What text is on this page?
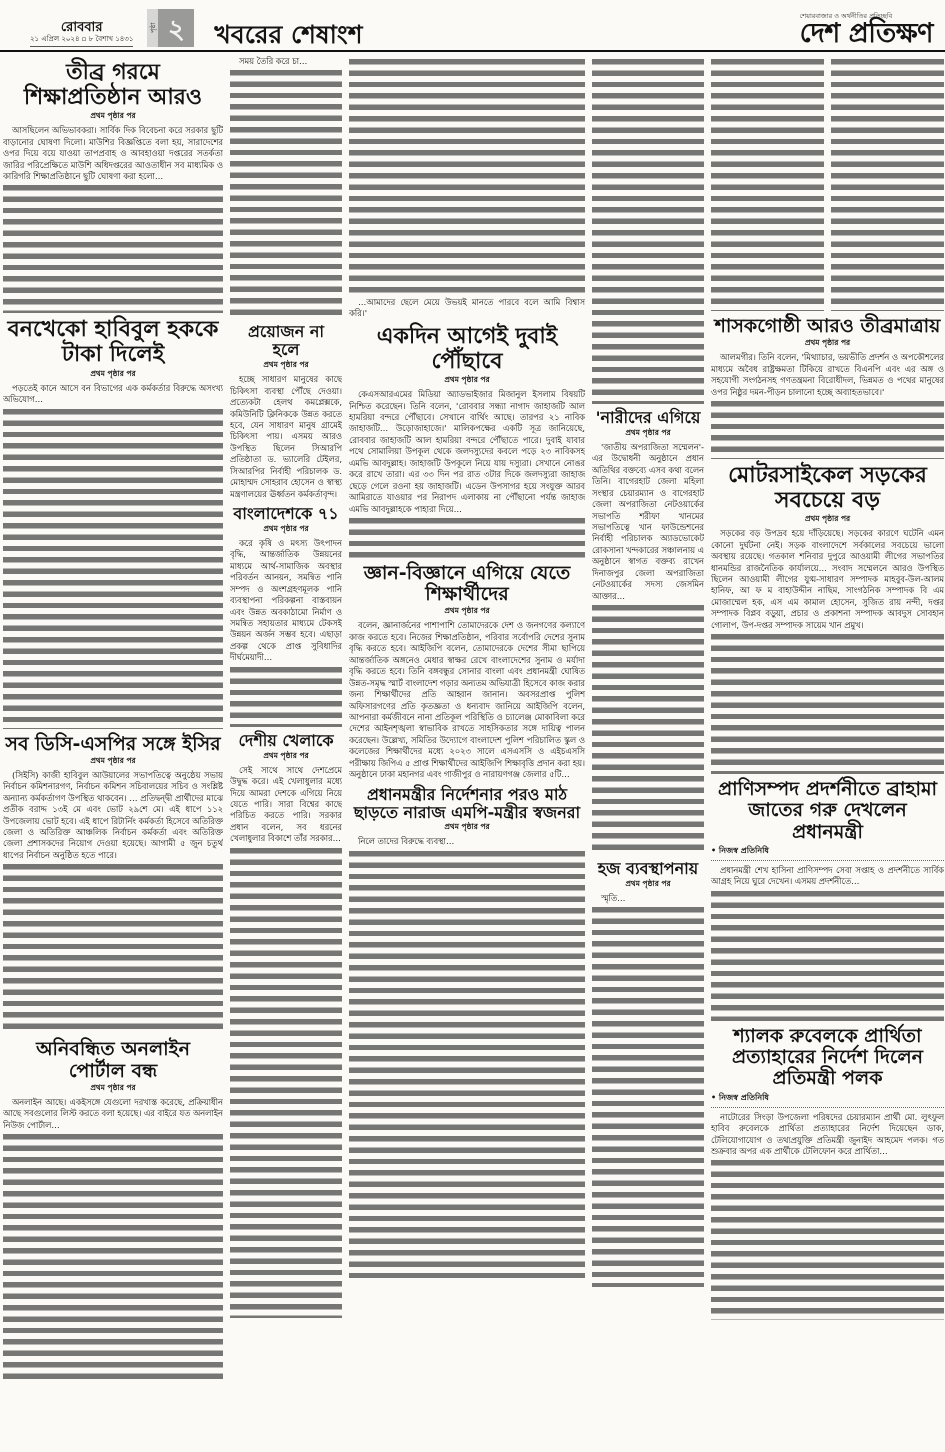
রোববার
২১ এপ্রিল ২০২৪ ▫ ৮ বৈশাখ ১৪৩১
পৃষ্ঠা ২	খবরের শেষাংশ
শেয়ারবাজার ও অর্থনীতির প্রতিচ্ছবি
দেশ প্রতিক্ষণ
তীব্র গরমে শিক্ষাপ্রতিষ্ঠান আরও
প্রথম পৃষ্ঠার পর
আসছিলেন অভিভাবকরা। সার্বিক দিক বিবেচনা করে সরকার ছুটি বাড়ানোর ঘোষণা দিলো। মাউশির বিজ্ঞপ্তিতে বলা হয়, সারাদেশের ওপর দিয়ে বয়ে যাওয়া তাপপ্রবাহ ও আবহাওয়া দপ্তরের সতর্কতা জারির পরিপ্রেক্ষিতে মাউশি অধিদপ্তরের আওতাধীন সব মাধ্যমিক ও কারিগরি শিক্ষাপ্রতিষ্ঠানে ছুটি ঘোষণা করা হলো…
বনখেকো হাবিবুল হককে টাকা দিলেই
প্রথম পৃষ্ঠার পর
পড়তেই কানে আসে বন বিভাগের এক কর্মকর্তার বিরুদ্ধে অসংখ্য অভিযোগ…
সব ডিসি-এসপির সঙ্গে ইসির
প্রথম পৃষ্ঠার পর
(সিইসি) কাজী হাবিবুল আউয়ালের সভাপতিত্বে অনুষ্ঠেয় সভায় নির্বাচন কমিশনারগণ, নির্বাচন কমিশন সচিবালয়ের সচিব ও সংশ্লিষ্ট অন্যান্য কর্মকর্তাগণ উপস্থিত থাকবেন। … প্রতিদ্বন্দ্বী প্রার্থীদের মাঝে প্রতীক বরাদ্দ ১৩ই মে এবং ভোট ২৯শে মে। এই ধাপে ১১২ উপজেলায় ভোট হবে। এই ধাপে রিটার্নিং কর্মকর্তা হিসেবে অতিরিক্ত জেলা ও অতিরিক্ত আঞ্চলিক নির্বাচন কর্মকর্তা এবং অতিরিক্ত জেলা প্রশাসকদের নিয়োগ দেওয়া হয়েছে। আগামী ৫ জুন চতুর্থ ধাপের নির্বাচন অনুষ্ঠিত হতে পারে।
অনিবন্ধিত অনলাইন পোর্টাল বন্ধ
প্রথম পৃষ্ঠার পর
অনলাইন আছে। একইসঙ্গে যেগুলো দরখাস্ত করেছে, প্রক্রিয়াধীন আছে সবগুলোর লিস্ট করতে বলা হয়েছে। এর বাইরে যত অনলাইন নিউজ পোর্টাল…
সময় তৈরি করে চা…
প্রয়োজন না হলে
প্রথম পৃষ্ঠার পর
হচ্ছে সাধারণ মানুষের কাছে চিকিৎসা ব্যবস্থা পৌঁছে দেওয়া। প্রত্যেকটা হেলথ কমপ্লেক্সকে, কমিউনিটি ক্লিনিককে উন্নত করতে হবে, যেন সাধারণ মানুষ গ্রামেই চিকিৎসা পায়। এসময় আরও উপস্থিত ছিলেন সিআরপি প্রতিষ্ঠাতা ড. ভ্যালেরি টেইলর, সিআরপির নির্বাহী পরিচালক ড. মোহাম্মদ সোহরাব হোসেন ও স্বাস্থ্য মন্ত্রণালয়ের ঊর্ধ্বতন কর্মকর্তাবৃন্দ।
বাংলাদেশকে ৭১
প্রথম পৃষ্ঠার পর
করে কৃষি ও মৎস্য উৎপাদন বৃদ্ধি, আন্তর্জাতিক উন্নয়নের মাধ্যমে আর্থ-সামাজিক অবস্থার পরিবর্তন আনয়ন, সমন্বিত পানি সম্পদ ও অংশগ্রহণমূলক পানি ব্যবস্থাপনা পরিকল্পনা বাস্তবায়ন এবং উন্নত অবকাঠামো নির্মাণ ও সমন্বিত সহায়তার মাধ্যমে টেকসই উন্নয়ন অর্জন সম্ভব হবে। এছাড়া প্রকল্প থেকে প্রাপ্ত সুবিধাদির দীর্ঘমেয়াদী…
দেশীয় খেলাকে
প্রথম পৃষ্ঠার পর
সেই সাথে সাথে দেশপ্রেমে উদ্বুদ্ধ করে। এই খেলাধুলার মধ্যে দিয়ে আমরা দেশকে এগিয়ে নিয়ে যেতে পারি। সারা বিশ্বের কাছে পরিচিত করতে পারি। সরকার প্রধান বলেন, সব ধরনের খেলাধুলার বিকাশে তাঁর সরকার…
…আমাদের ছেলে মেয়ে উভয়ই মানতে পারবে বলে আমি বিশ্বাস করি।'
একদিন আগেই দুবাই পৌঁছাবে
প্রথম পৃষ্ঠার পর
কেএসআরএমের মিডিয়া অ্যাডভাইজার মিজানুল ইসলাম বিষয়টি নিশ্চিত করেছেন। তিনি বলেন, 'রোববার সন্ধ্যা নাগাদ জাহাজটি আল হামরিয়া বন্দরে পৌঁছাবে। সেখানে বার্থিং আছে। তারপর ২১ নাবিক জাহাজটি… উড়োজাহাজে।' মালিকপক্ষের একটি সূত্র জানিয়েছে, রোববার জাহাজটি আল হামরিয়া বন্দরে পৌঁছাতে পারে। দুবাই যাবার পথে সোমালিয়া উপকূল থেকে জলদস্যুদের কবলে পড়ে ২৩ নাবিকসহ এমভি আবদুল্লাহ। জাহাজটি উপকূলে নিয়ে যায় দস্যুরা। সেখানে নোঙর করে রাখে তারা। এর ৩৩ দিন পর রাত ৩টার দিকে জলদস্যুরা জাহাজ ছেড়ে গেলে রওনা হয় জাহাজটি। এডেন উপসাগর হয়ে সংযুক্ত আরব আমিরাতে যাওয়ার পর নিরাপদ এলাকায় না পৌঁছানো পর্যন্ত জাহাজ এমভি আবদুল্লাহকে পাহারা দিয়ে…
জ্ঞান-বিজ্ঞানে এগিয়ে যেতে শিক্ষার্থীদের
প্রথম পৃষ্ঠার পর
বলেন, জ্ঞানার্জনের পাশাপাশি তোমাদেরকে দেশ ও জনগণের কল্যাণে কাজ করতে হবে। নিজের শিক্ষাপ্রতিষ্ঠান, পরিবার সর্বোপরি দেশের সুনাম বৃদ্ধি করতে হবে। আইজিপি বলেন, তোমাদেরকে দেশের সীমা ছাপিয়ে আন্তর্জাতিক অঙ্গনেও মেধার স্বাক্ষর রেখে বাংলাদেশের সুনাম ও মর্যাদা বৃদ্ধি করতে হবে। তিনি বঙ্গবন্ধুর সোনার বাংলা এবং প্রধানমন্ত্রী ঘোষিত উন্নত-সমৃদ্ধ স্মার্ট বাংলাদেশ গড়ার অন্যতম অভিযাত্রী হিসেবে কাজ করার জন্য শিক্ষার্থীদের প্রতি আহ্বান জানান। অবসরপ্রাপ্ত পুলিশ অফিসারগণের প্রতি কৃতজ্ঞতা ও ধন্যবাদ জানিয়ে আইজিপি বলেন, আপনারা কর্মজীবনে নানা প্রতিকূল পরিস্থিতি ও চ্যালেঞ্জ মোকাবিলা করে দেশের আইনশৃঙ্খলা স্বাভাবিক রাখতে সাহসিকতার সঙ্গে দায়িত্ব পালন করেছেন। উল্লেখ্য, সমিতির উদ্যোগে বাংলাদেশ পুলিশ পরিচালিত স্কুল ও কলেজের শিক্ষার্থীদের মধ্যে ২০২৩ সালে এসএসসি ও এইচএসসি পরীক্ষায় জিপিএ ৫ প্রাপ্ত শিক্ষার্থীদের আইজিপি শিক্ষাবৃত্তি প্রদান করা হয়। অনুষ্ঠানে ঢাকা মহানগর এবং গাজীপুর ও নারায়ণগঞ্জ জেলার ৫টি…
প্রধানমন্ত্রীর নির্দেশনার পরও মাঠ ছাড়তে নারাজ এমপি-মন্ত্রীর স্বজনরা
প্রথম পৃষ্ঠার পর
নিলে তাদের বিরুদ্ধে ব্যবস্থা…
'নারীদের এগিয়ে
প্রথম পৃষ্ঠার পর
'জাতীয় অপরাজিতা সম্মেলন'-এর উদ্বোধনী অনুষ্ঠানে প্রধান অতিথির বক্তব্যে এসব কথা বলেন তিনি। বাগেরহাট জেলা মহিলা সংস্থার চেয়ারম্যান ও বাগেরহাট জেলা অপরাজিতা নেটওয়ার্কের সভাপতি শরীফা খানমের সভাপতিত্বে খান ফাউন্ডেশনের নির্বাহী পরিচালক অ্যাডভোকেট রোকসানা খন্দকারের সঞ্চালনায় এ অনুষ্ঠানে স্বাগত বক্তব্য রাখেন দিনাজপুর জেলা অপরাজিতা নেটওয়ার্কের সদস্য জেসমিন আক্তার…
হজ ব্যবস্থাপনায়
প্রথম পৃষ্ঠার পর
স্মৃতি…
শাসকগোষ্ঠী আরও তীব্রমাত্রায়
প্রথম পৃষ্ঠার পর
আলমগীর। তিনি বলেন, 'মিথ্যাচার, ভয়ভীতি প্রদর্শন ও অপকৌশলের মাধ্যমে অবৈধ রাষ্ট্রক্ষমতা টিকিয়ে রাখতে বিএনপি এবং এর অঙ্গ ও সহযোগী সংগঠনসহ গণতন্ত্রমনা বিরোধীদল, ভিন্নমত ও পথের মানুষের ওপর নিষ্ঠুর দমন-পীড়ন চালানো হচ্ছে অব্যাহতভাবে।'
মোটরসাইকেল সড়কের সবচেয়ে বড়
প্রথম পৃষ্ঠার পর
সড়কের বড় উপদ্রব হয়ে দাঁড়িয়েছে। সড়কের কারণে ঘটেনি এমন কোনো দুর্ঘটনা নেই। সড়ক বাংলাদেশে সর্বকালের সবচেয়ে ভালো অবস্থায় রয়েছে। গতকাল শনিবার দুপুরে আওয়ামী লীগের সভাপতির ধানমন্ডির রাজনৈতিক কার্যালয়ে… সংবাদ সম্মেলনে আরও উপস্থিত ছিলেন আওয়ামী লীগের যুগ্ম-সাধারণ সম্পাদক মাহবুব-উল-আলম হানিফ, আ ফ ম বাহাউদ্দীন নাছিম, সাংগঠনিক সম্পাদক বি এম মোজাম্মেল হক, এস এম কামাল হোসেন, সুজিত রায় নন্দী, দপ্তর সম্পাদক বিপ্লব বড়ুয়া, প্রচার ও প্রকাশনা সম্পাদক আবদুস সোবহান গোলাপ, উপ-দপ্তর সম্পাদক সায়েম খান প্রমুখ।
প্রাণিসম্পদ প্রদর্শনীতে ব্রাহামা জাতের গরু দেখলেন প্রধানমন্ত্রী
• নিজস্ব প্রতিনিধি
প্রধানমন্ত্রী শেখ হাসিনা প্রাণিসম্পদ সেবা সপ্তাহ ও প্রদর্শনীতে সার্বিক আগ্রহ নিয়ে ঘুরে দেখেন। এসময় প্রদর্শনীতে…
শ্যালক রুবেলকে প্রার্থিতা প্রত্যাহারের নির্দেশ দিলেন প্রতিমন্ত্রী পলক
• নিজস্ব প্রতিনিধি
নাটোরের সিংড়া উপজেলা পরিষদের চেয়ারম্যান প্রার্থী মো. লুৎফুল হাবিব রুবেলকে প্রার্থিতা প্রত্যাহারের নির্দেশ দিয়েছেন ডাক, টেলিযোগাযোগ ও তথ্যপ্রযুক্তি প্রতিমন্ত্রী জুনাইদ আহমেদ পলক। গত শুক্রবার অপর এক প্রার্থীকে টেলিফোন করে প্রার্থিতা…
